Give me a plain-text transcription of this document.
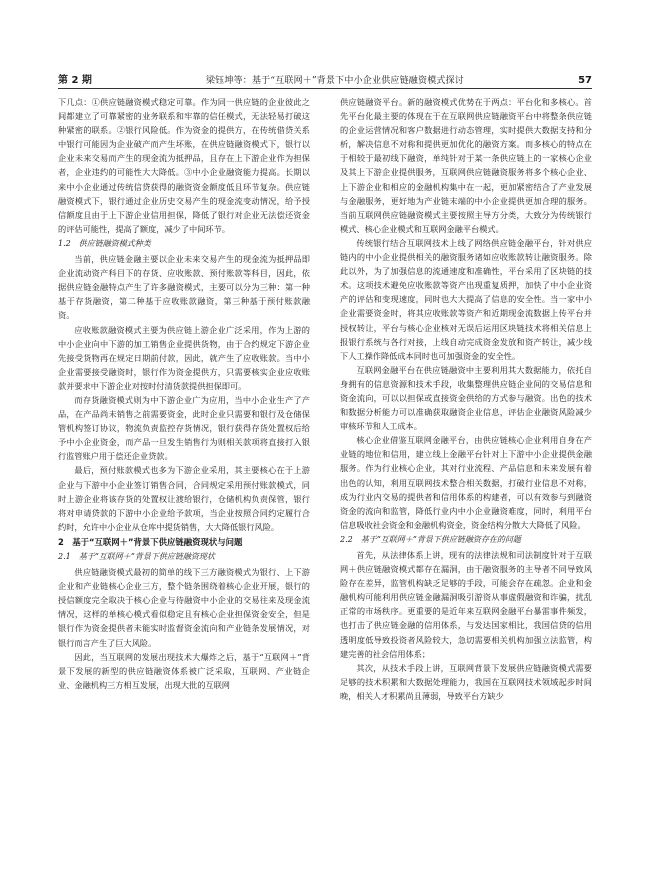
第 2 期	梁钰坤等：基于“互联网＋”背景下中小企业供应链融资模式探讨	57

下几点：①供应链融资模式稳定可靠。作为同一供应链的企业彼此之间都建立了可靠紧密的业务联系和牢靠的信任模式，无法轻易打破这种紧密的联系。②银行风险低。作为资金的提供方，在传统借贷关系中银行可能因为企业破产而产生坏账，在供应链融资模式下，银行以企业未来交易而产生的现金流为抵押品，且存在上下游企业作为担保者，企业违约的可能性大大降低。③中小企业融资能力提高。长期以来中小企业通过传统信贷获得的融资资金额度低且环节复杂。供应链融资模式下，银行通过企业历史交易产生的现金流变动情况，给予授信额度且由于上下游企业信用担保，降低了银行对企业无法偿还资金的评估可能性，提高了额度，减少了中间环节。

1.2　供应链融资模式种类

当前，供应链金融主要以企业未来交易产生的现金流为抵押品即企业流动资产科目下的存货、应收账款、预付账款等科目，因此，依据供应链金融特点产生了许多融资模式，主要可以分为三种：第一种基于存货融资，第二种基于应收账款融资，第三种基于预付账款融资。

应收账款融资模式主要为供应链上游企业广泛采用，作为上游的中小企业向中下游的加工销售企业提供货物，由于合约规定下游企业先接受货物再在规定日期前付款，因此，就产生了应收账款。当中小企业需要接受融资时，银行作为资金提供方，只需要核实企业应收账款并要求中下游企业对按时付清货款提供担保即可。

而存货融资模式则为中下游企业广为应用，当中小企业生产了产品，在产品尚未销售之前需要资金，此时企业只需要和银行及仓储保管机构签订协议，物流负责监控存货情况，银行获得存货处置权后给予中小企业资金，而产品一旦发生销售行为则相关款项将直接打入银行监管账户用于偿还企业贷款。

最后，预付账款模式也多为下游企业采用，其主要核心在于上游企业与下游中小企业签订销售合同，合同规定采用预付账款模式，同时上游企业将该存货的处置权让渡给银行，仓储机构负责保管，银行将对申请贷款的下游中小企业给予款项，当企业按照合同约定履行合约时，允许中小企业从仓库中提货销售，大大降低银行风险。

2　基于“互联网＋”背景下供应链融资现状与问题
2.1　基于“互联网＋”背景下供应链融资现状

供应链融资模式最初的简单的线下三方融资模式为银行、上下游企业和产业链核心企业三方，整个链条围绕着核心企业开展，银行的授信额度完全取决于核心企业与待融资中小企业的交易往来及现金流情况，这样的单核心模式看似稳定且有核心企业担保资金安全，但是银行作为资金提供者未能实时监督资金流向和产业链条发展情况，对银行而言产生了巨大风险。

因此，当互联网的发展出现技术大爆炸之后，基于“互联网＋”背景下发展的新型的供应链融资体系被广泛采取，互联网、产业链企业、金融机构三方相互发展，出现大批的互联网

供应链融资平台。新的融资模式优势在于两点：平台化和多核心。首先平台化最主要的体现在于在互联网供应链融资平台中将整条供应链的企业运营情况和客户数据进行动态管理，实时提供大数据支持和分析，解决信息不对称和提供更加优化的融资方案。而多核心的特点在于相较于最初线下融资，单纯针对于某一条供应链上的一家核心企业及其上下游企业提供服务，互联网供应链融资服务将多个核心企业、上下游企业和相应的金融机构集中在一起，更加紧密结合了产业发展与金融服务，更好地为产业链末端的中小企业提供更加合理的服务。当前互联网供应链融资模式主要按照主导方分类，大致分为传统银行模式、核心企业模式和互联网金融平台模式。

传统银行结合互联网技术上线了网络供应链金融平台，针对供应链内的中小企业提供相关的融资服务诸如应收账款转让融资服务。除此以外，为了加强信息的流通速度和准确性，平台采用了区块链的技术。这项技术避免应收账款等资产出现重复质押，加快了中小企业资产的评估和变现速度，同时也大大提高了信息的安全性。当一家中小企业需要资金时，将其应收账款等资产和近期现金流数据上传平台并授权转让，平台与核心企业核对无误后运用区块链技术将相关信息上报银行系统与各行对接，上线自动完成资金发放和资产转让，减少线下人工操作降低成本同时也可加强资金的安全性。

互联网金融平台在供应链融资中主要利用其大数据能力，依托自身拥有的信息资源和技术手段，收集整理供应链企业间的交易信息和资金流向，可以以担保或直接资金供给的方式参与融资。出色的技术和数据分析能力可以准确获取融资企业信息，评估企业融资风险减少审核环节和人工成本。

核心企业借鉴互联网金融平台，由供应链核心企业利用自身在产业链的地位和信用，建立线上金融平台针对上下游中小企业提供金融服务。作为行业核心企业，其对行业流程、产品信息和未来发展有着出色的认知，利用互联网技术整合相关数据，打破行业信息不对称，成为行业内交易的提供者和信用体系的构建者，可以有效参与到融资资金的流向和监管，降低行业内中小企业融资难度，同时，利用平台信息吸收社会资金和金融机构资金，资金结构分散大大降低了风险。

2.2　基于“互联网＋”背景下供应链融资存在的问题

首先，从法律体系上讲，现有的法律法规和司法制度针对于互联网＋供应链融资模式都存在漏洞，由于融资服务的主导者不同导致风险存在差异，监管机构缺乏足够的手段，可能会存在疏忽。企业和金融机构可能利用供应链金融漏洞吸引游资从事虚假融资和诈骗，扰乱正常的市场秩序。更重要的是近年来互联网金融平台暴雷事件频发，也打击了供应链金融的信用体系，与发达国家相比，我国信贷的信用透明度低导致投资者风险较大，急切需要相关机构加强立法监管，构建完善的社会信用体系；

其次，从技术手段上讲，互联网背景下发展供应链融资模式需要足够的技术积累和大数据处理能力，我国在互联网技术领域起步时间晚，相关人才积累尚且薄弱，导致平台方缺少
